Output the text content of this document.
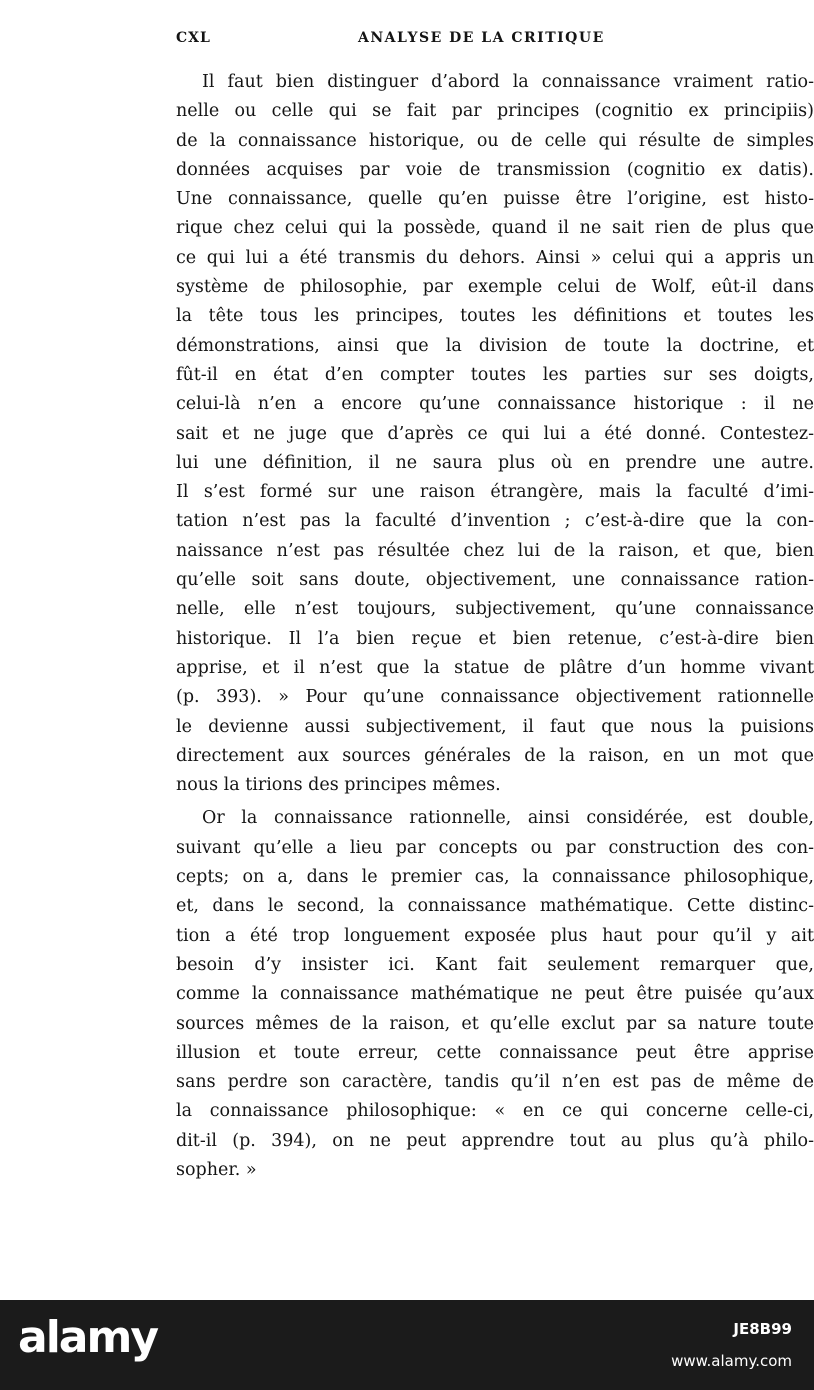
CXL	ANALYSE DE LA CRITIQUE
Il faut bien distinguer d’abord la connaissance vraiment ratio-
nelle ou celle qui se fait par principes (cognitio ex principiis)
de la connaissance historique, ou de celle qui résulte de simples
données acquises par voie de transmission (cognitio ex datis).
Une connaissance, quelle qu’en puisse être l’origine, est histo-
rique chez celui qui la possède, quand il ne sait rien de plus que
ce qui lui a été transmis du dehors. Ainsi » celui qui a appris un
système de philosophie, par exemple celui de Wolf, eût-il dans
la tête tous les principes, toutes les définitions et toutes les
démonstrations, ainsi que la division de toute la doctrine, et
fût-il en état d’en compter toutes les parties sur ses doigts,
celui-là n’en a encore qu’une connaissance historique : il ne
sait et ne juge que d’après ce qui lui a été donné. Contestez-
lui une définition, il ne saura plus où en prendre une autre.
Il s’est formé sur une raison étrangère, mais la faculté d’imi-
tation n’est pas la faculté d’invention ; c’est-à-dire que la con-
naissance n’est pas résultée chez lui de la raison, et que, bien
qu’elle soit sans doute, objectivement, une connaissance ration-
nelle, elle n’est toujours, subjectivement, qu’une connaissance
historique. Il l’a bien reçue et bien retenue, c’est-à-dire bien
apprise, et il n’est que la statue de plâtre d’un homme vivant
(p. 393). » Pour qu’une connaissance objectivement rationnelle
le devienne aussi subjectivement, il faut que nous la puisions
directement aux sources générales de la raison, en un mot que
nous la tirions des principes mêmes.
Or la connaissance rationnelle, ainsi considérée, est double,
suivant qu’elle a lieu par concepts ou par construction des con-
cepts; on a, dans le premier cas, la connaissance philosophique,
et, dans le second, la connaissance mathématique. Cette distinc-
tion a été trop longuement exposée plus haut pour qu’il y ait
besoin d’y insister ici. Kant fait seulement remarquer que,
comme la connaissance mathématique ne peut être puisée qu’aux
sources mêmes de la raison, et qu’elle exclut par sa nature toute
illusion et toute erreur, cette connaissance peut être apprise
sans perdre son caractère, tandis qu’il n’en est pas de même de
la connaissance philosophique: « en ce qui concerne celle-ci,
dit-il (p. 394), on ne peut apprendre tout au plus qu’à philo-
sopher. »
alamy	JE8B99
www.alamy.com
